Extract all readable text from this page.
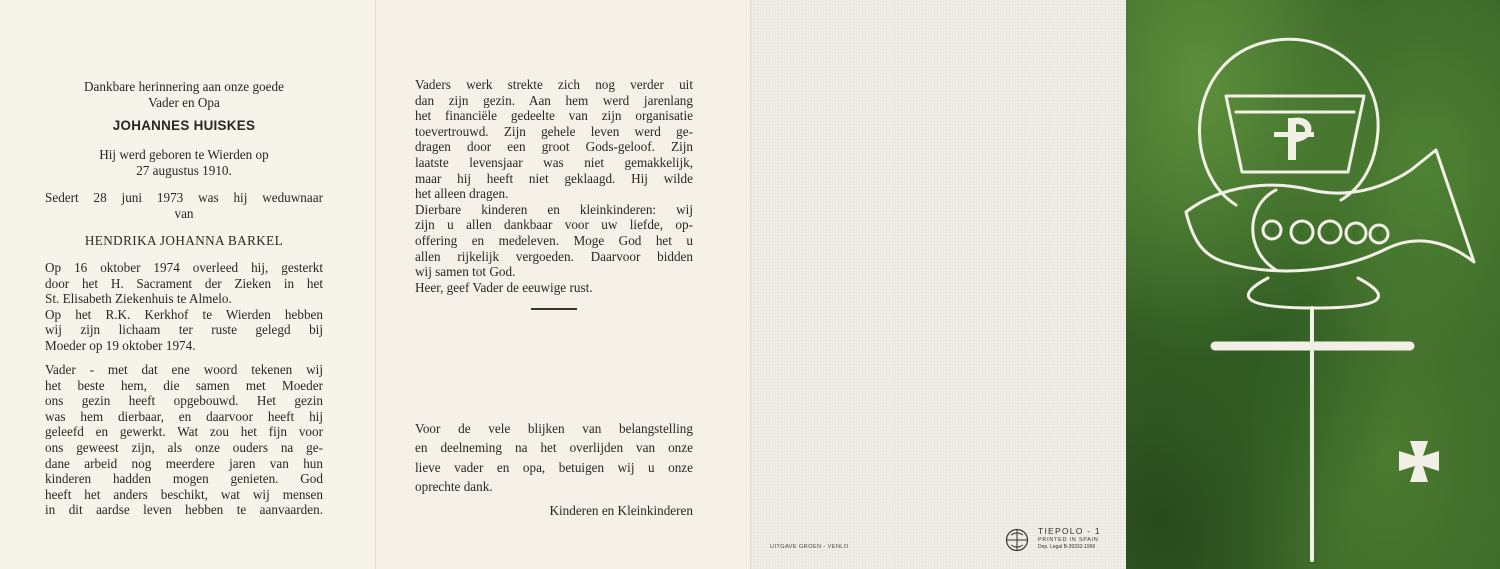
Dankbare herinnering aan onze goede
Vader en Opa
JOHANNES HUISKES
Hij werd geboren te Wierden op
27 augustus 1910.
Sedert 28 juni 1973 was hij weduwnaar
van
HENDRIKA JOHANNA BARKEL
Op 16 oktober 1974 overleed hij, gesterkt
door het H. Sacrament der Zieken in het
St. Elisabeth Ziekenhuis te Almelo.
Op het R.K. Kerkhof te Wierden hebben
wij zijn lichaam ter ruste gelegd bij
Moeder op 19 oktober 1974.
Vader - met dat ene woord tekenen wij
het beste hem, die samen met Moeder
ons gezin heeft opgebouwd. Het gezin
was hem dierbaar, en daarvoor heeft hij
geleefd en gewerkt. Wat zou het fijn voor
ons geweest zijn, als onze ouders na ge-
dane arbeid nog meerdere jaren van hun
kinderen hadden mogen genieten. God
heeft het anders beschikt, wat wij mensen
in dit aardse leven hebben te aanvaarden.
Vaders werk strekte zich nog verder uit
dan zijn gezin. Aan hem werd jarenlang
het financiële gedeelte van zijn organisatie
toevertrouwd. Zijn gehele leven werd ge-
dragen door een groot Gods-geloof. Zijn
laatste levensjaar was niet gemakkelijk,
maar hij heeft niet geklaagd. Hij wilde
het alleen dragen.
Dierbare kinderen en kleinkinderen: wij
zijn u allen dankbaar voor uw liefde, op-
offering en medeleven. Moge God het u
allen rijkelijk vergoeden. Daarvoor bidden
wij samen tot God.
Heer, geef Vader de eeuwige rust.
Voor de vele blijken van belangstelling
en deelneming na het overlijden van onze
lieve vader en opa, betuigen wij u onze
oprechte dank.
Kinderen en Kleinkinderen
UITGAVE GROEN - VENLO
TIEPOLO - 1
PRINTED IN SPAIN
Dep. Legal B-39332-1966
